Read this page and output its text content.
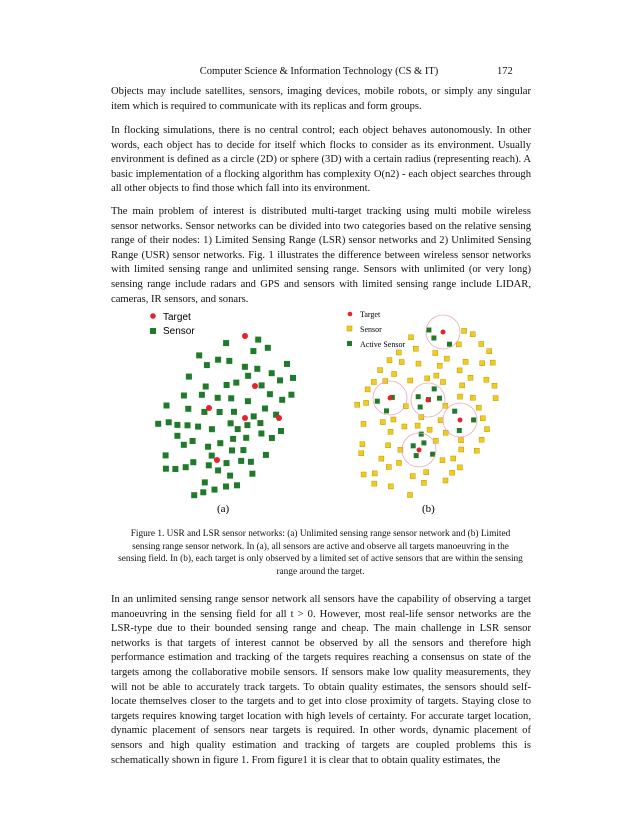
Computer Science & Information Technology (CS & IT)	172

Objects may include satellites, sensors, imaging devices, mobile robots, or simply any singular item which is required to communicate with its replicas and form groups.

In flocking simulations, there is no central control; each object behaves autonomously. In other words, each object has to decide for itself which flocks to consider as its environment. Usually environment is defined as a circle (2D) or sphere (3D) with a certain radius (representing reach). A basic implementation of a flocking algorithm has complexity O(n2) - each object searches through all other objects to find those which fall into its environment.

The main problem of interest is distributed multi-target tracking using multi mobile wireless sensor networks. Sensor networks can be divided into two categories based on the relative sensing range of their nodes: 1) Limited Sensing Range (LSR) sensor networks and 2) Unlimited Sensing Range (USR) sensor networks. Fig. 1 illustrates the difference between wireless sensor networks with limited sensing range and unlimited sensing range. Sensors with unlimited (or very long) sensing range include radars and GPS and sensors with limited sensing range include LIDAR, cameras, IR sensors, and sonars.

Target
Sensor
(a)
Target
Sensor
Active Sensor
(b)

Figure 1. USR and LSR sensor networks: (a) Unlimited sensing range sensor network and (b) Limited sensing range sensor network. In (a), all sensors are active and observe all targets manoeuvring in the sensing field. In (b), each target is only observed by a limited set of active sensors that are within the sensing range around the target.

In an unlimited sensing range sensor network all sensors have the capability of observing a target manoeuvring in the sensing field for all t > 0. However, most real-life sensor networks are the LSR-type due to their bounded sensing range and cheap. The main challenge in LSR sensor networks is that targets of interest cannot be observed by all the sensors and therefore high performance estimation and tracking of the targets requires reaching a consensus on state of the targets among the collaborative mobile sensors. If sensors make low quality measurements, they will not be able to accurately track targets. To obtain quality estimates, the sensors should self-locate themselves closer to the targets and to get into close proximity of targets. Staying close to targets requires knowing target location with high levels of certainty. For accurate target location, dynamic placement of sensors near targets is required. In other words, dynamic placement of sensors and high quality estimation and tracking of targets are coupled problems this is schematically shown in figure 1. From figure1 it is clear that to obtain quality estimates, the
